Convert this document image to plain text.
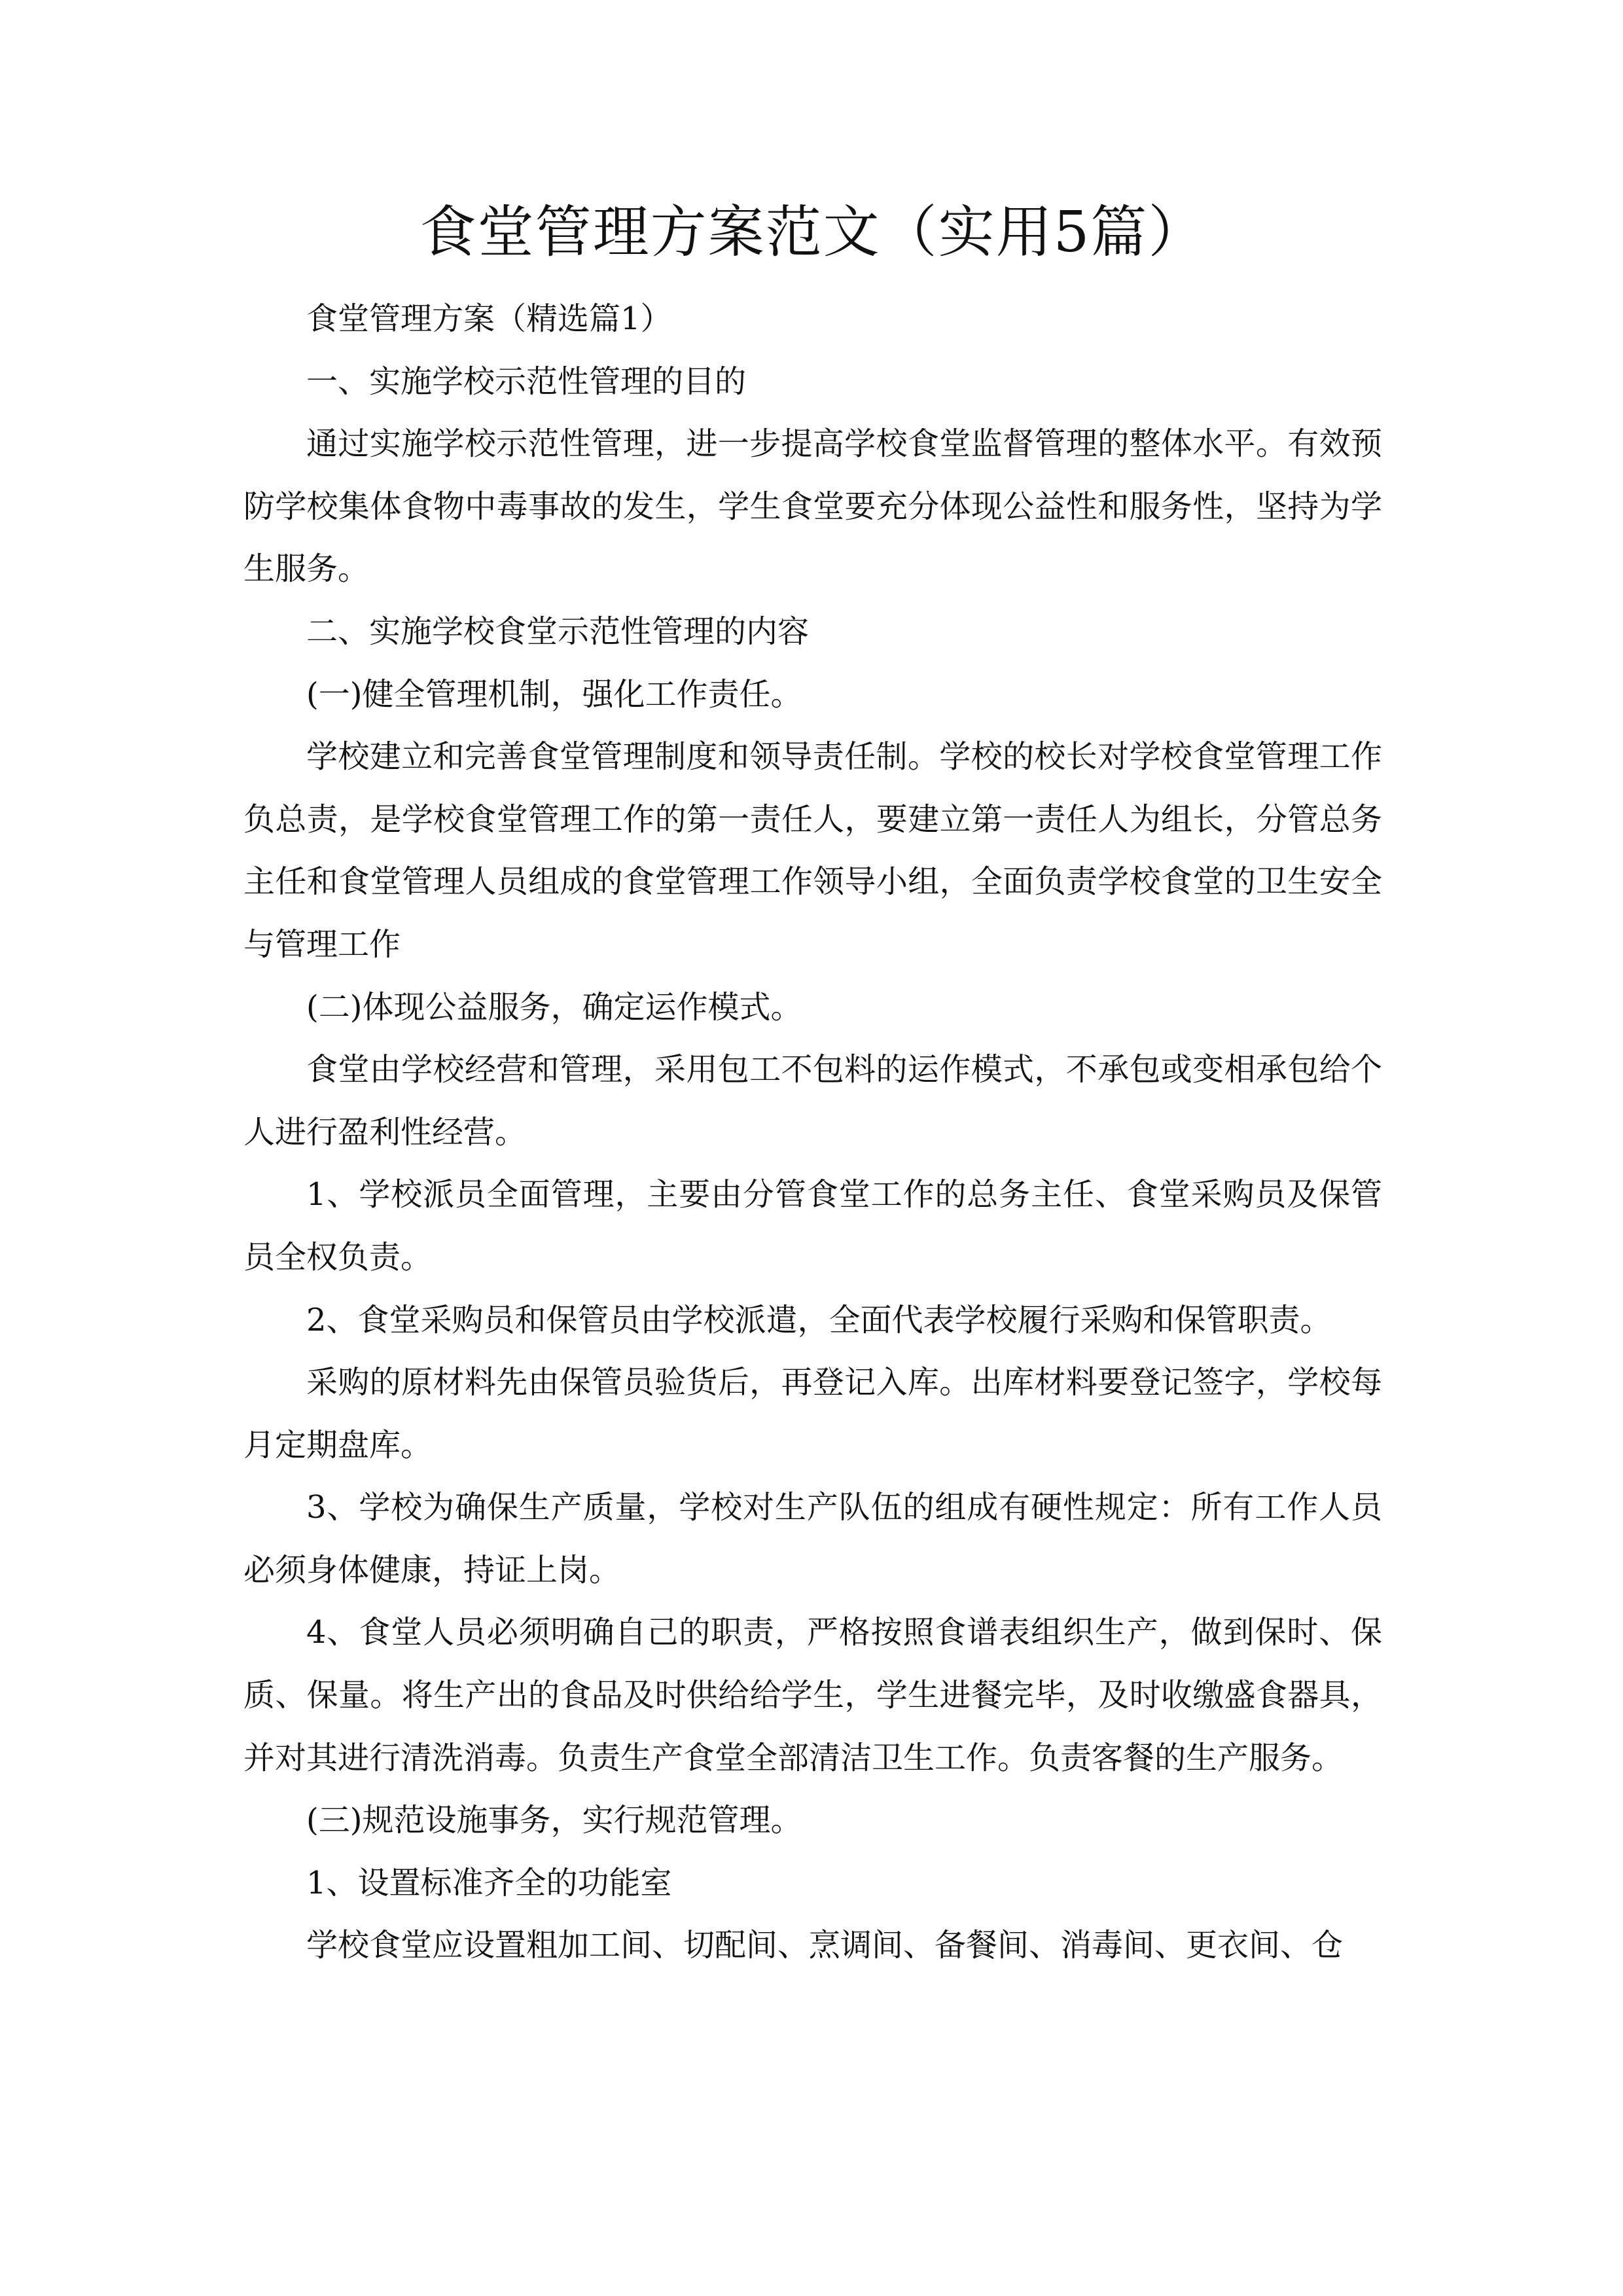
食堂管理方案范文（实用5篇）

食堂管理方案（精选篇1）

一、实施学校示范性管理的目的

通过实施学校示范性管理，进一步提高学校食堂监督管理的整体水平。有效预防学校集体食物中毒事故的发生，学生食堂要充分体现公益性和服务性，坚持为学生服务。

二、实施学校食堂示范性管理的内容

(一)健全管理机制，强化工作责任。

学校建立和完善食堂管理制度和领导责任制。学校的校长对学校食堂管理工作负总责，是学校食堂管理工作的第一责任人，要建立第一责任人为组长，分管总务主任和食堂管理人员组成的食堂管理工作领导小组，全面负责学校食堂的卫生安全与管理工作

(二)体现公益服务，确定运作模式。

食堂由学校经营和管理，采用包工不包料的运作模式，不承包或变相承包给个人进行盈利性经营。

1、学校派员全面管理，主要由分管食堂工作的总务主任、食堂采购员及保管员全权负责。

2、食堂采购员和保管员由学校派遣，全面代表学校履行采购和保管职责。

采购的原材料先由保管员验货后，再登记入库。出库材料要登记签字，学校每月定期盘库。

3、学校为确保生产质量，学校对生产队伍的组成有硬性规定：所有工作人员必须身体健康，持证上岗。

4、食堂人员必须明确自己的职责，严格按照食谱表组织生产，做到保时、保质、保量。将生产出的食品及时供给给学生，学生进餐完毕，及时收缴盛食器具，并对其进行清洗消毒。负责生产食堂全部清洁卫生工作。负责客餐的生产服务。

(三)规范设施事务，实行规范管理。

1、设置标准齐全的功能室

学校食堂应设置粗加工间、切配间、烹调间、备餐间、消毒间、更衣间、仓
